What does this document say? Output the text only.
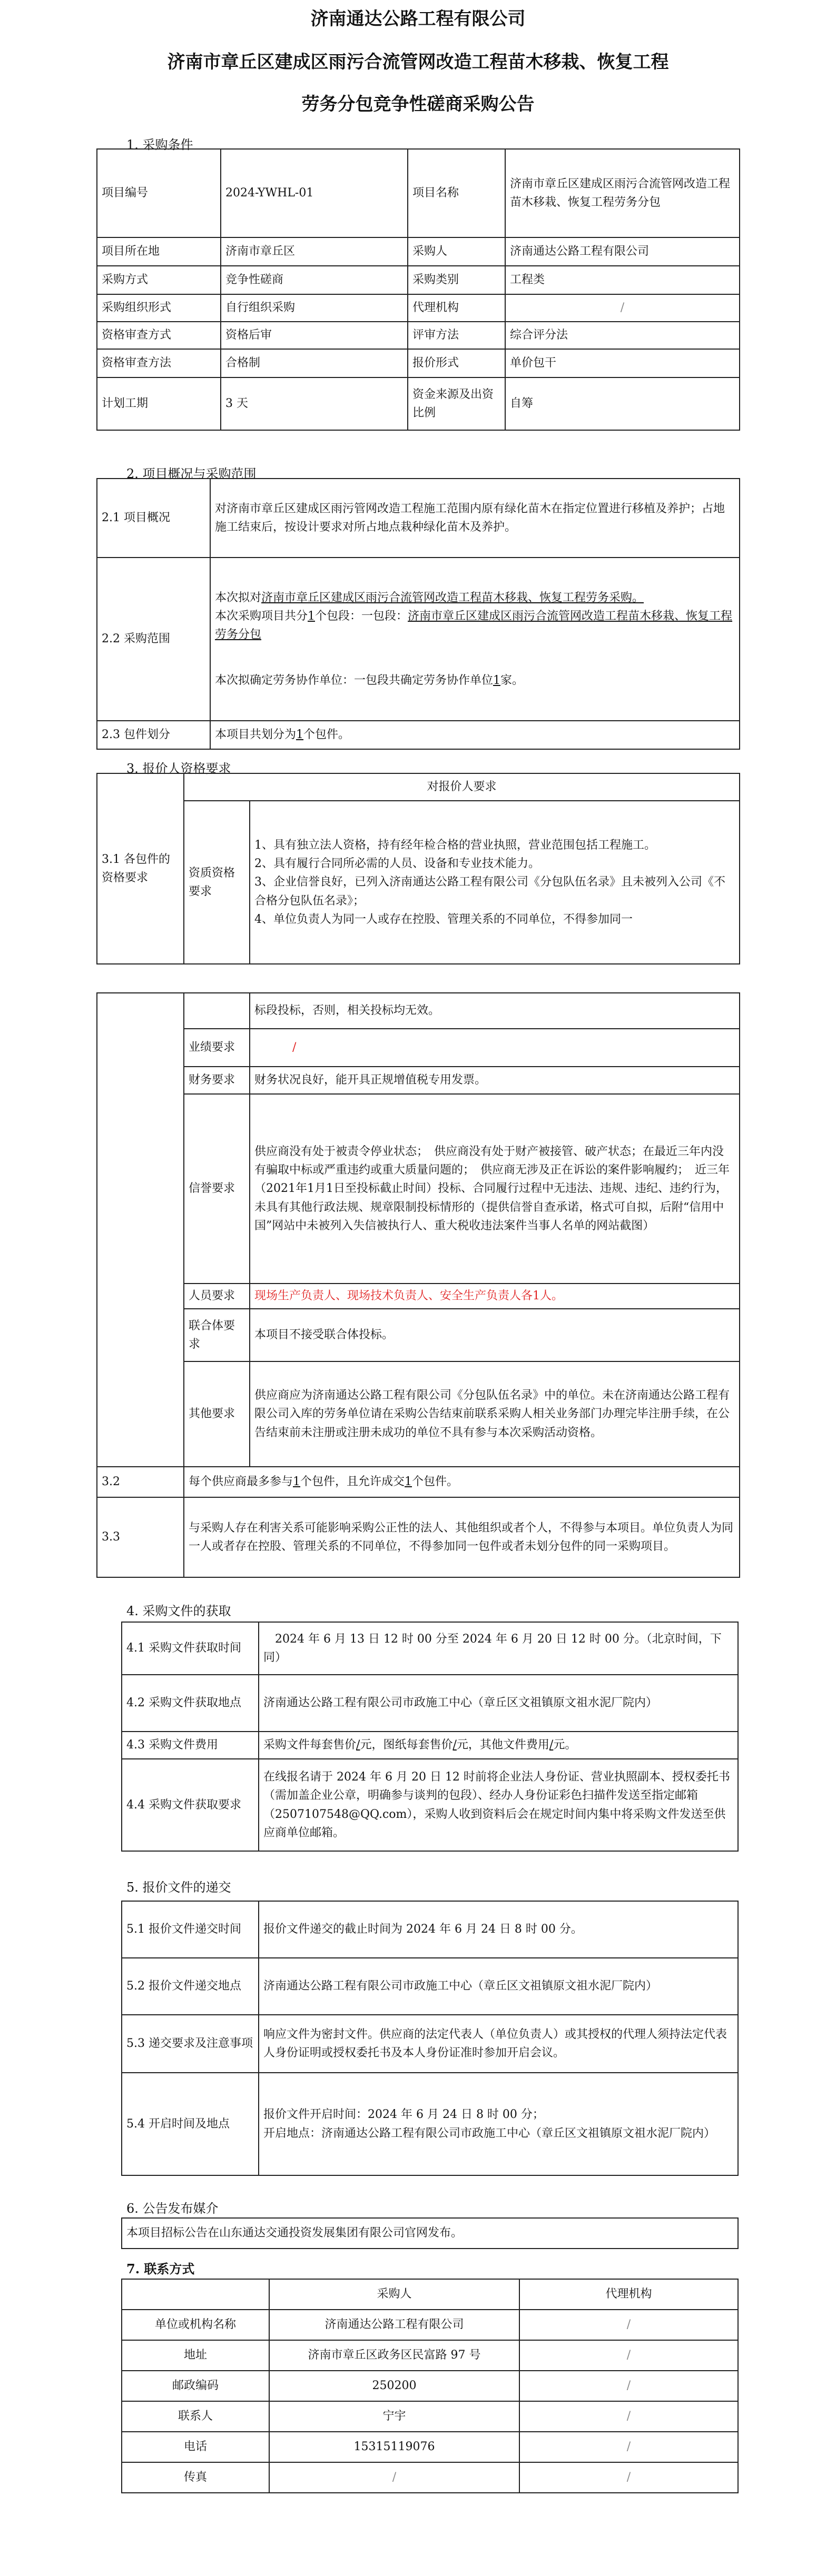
济南通达公路工程有限公司
济南市章丘区建成区雨污合流管网改造工程苗木移栽、恢复工程
劳务分包竞争性磋商采购公告
1. 采购条件
项目编号	2024-YWHL-01	项目名称	济南市章丘区建成区雨污合流管网改造工程苗木移栽、恢复工程劳务分包
项目所在地	济南市章丘区	采购人	济南通达公路工程有限公司
采购方式	竞争性磋商	采购类别	工程类
采购组织形式	自行组织采购	代理机构	/
资格审查方式	资格后审	评审方法	综合评分法
资格审查方法	合格制	报价形式	单价包干
计划工期	3 天	资金来源及出资比例	自筹
2. 项目概况与采购范围
2.1 项目概况	对济南市章丘区建成区雨污管网改造工程施工范围内原有绿化苗木在指定位置进行移植及养护；占地施工结束后，按设计要求对所占地点栽种绿化苗木及养护。
2.2 采购范围	本次拟对济南市章丘区建成区雨污合流管网改造工程苗木移栽、恢复工程劳务采购。
本次采购项目共分1个包段：一包段：济南市章丘区建成区雨污合流管网改造工程苗木移栽、恢复工程劳务分包
本次拟确定劳务协作单位：一包段共确定劳务协作单位1家。

2.3 包件划分	本项目共划分为1个包件。
3. 报价人资格要求
3.1 各包件的资格要求	对报价人要求	
	资质资格要求	1、具有独立法人资格，持有经年检合格的营业执照，营业范围包括工程施工。
2、具有履行合同所必需的人员、设备和专业技术能力。
3、企业信誉良好，已列入济南通达公路工程有限公司《分包队伍名录》且未被列入公司《不合格分包队伍名录》；
4、单位负责人为同一人或存在控股、管理关系的不同单位，不得参加同一
		标段投标，否则，相关投标均无效。
	业绩要求	/
	财务要求	财务状况良好，能开具正规增值税专用发票。
	信誉要求	供应商没有处于被责令停业状态；　供应商没有处于财产被接管、破产状态；在最近三年内没有骗取中标或严重违约或重大质量问题的；　供应商无涉及正在诉讼的案件影响履约；　近三年（2021年1月1日至投标截止时间）投标、合同履行过程中无违法、违规、违纪、违约行为，未具有其他行政法规、规章限制投标情形的（提供信誉自查承诺，格式可自拟，后附“信用中国”网站中未被列入失信被执行人、重大税收违法案件当事人名单的网站截图）
	人员要求	现场生产负责人、现场技术负责人、安全生产负责人各1人。
	联合体要求	本项目不接受联合体投标。
	其他要求	供应商应为济南通达公路工程有限公司《分包队伍名录》中的单位。未在济南通达公路工程有限公司入库的劳务单位请在采购公告结束前联系采购人相关业务部门办理完毕注册手续，在公告结束前未注册或注册未成功的单位不具有参与本次采购活动资格。
3.2	每个供应商最多参与1个包件，且允许成交1个包件。	
3.3	与采购人存在利害关系可能影响采购公正性的法人、其他组织或者个人，不得参与本项目。单位负责人为同一人或者存在控股、管理关系的不同单位，不得参加同一包件或者未划分包件的同一采购项目。	
4. 采购文件的获取
4.1 采购文件获取时间	　2024 年 6 月 13 日 12 时 00 分至 2024 年 6 月 20 日 12 时 00 分。（北京时间，下同）
4.2 采购文件获取地点	济南通达公路工程有限公司市政施工中心（章丘区文祖镇原文祖水泥厂院内）
4.3 采购文件费用	采购文件每套售价/元，图纸每套售价/元，其他文件费用/元。
4.4 采购文件获取要求	在线报名请于 2024 年 6 月 20 日 12 时前将企业法人身份证、营业执照副本、授权委托书（需加盖企业公章，明确参与谈判的包段）、经办人身份证彩色扫描件发送至指定邮箱（2507107548@QQ.com），采购人收到资料后会在规定时间内集中将采购文件发送至供应商单位邮箱。
5. 报价文件的递交
5.1 报价文件递交时间	报价文件递交的截止时间为 2024 年 6 月 24 日 8 时 00 分。
5.2 报价文件递交地点	济南通达公路工程有限公司市政施工中心（章丘区文祖镇原文祖水泥厂院内）
5.3 递交要求及注意事项	响应文件为密封文件。供应商的法定代表人（单位负责人）或其授权的代理人须持法定代表人身份证明或授权委托书及本人身份证准时参加开启会议。
5.4 开启时间及地点	报价文件开启时间：2024 年 6 月 24 日 8 时 00 分；
开启地点：济南通达公路工程有限公司市政施工中心（章丘区文祖镇原文祖水泥厂院内）
6. 公告发布媒介
本项目招标公告在山东通达交通投资发展集团有限公司官网发布。
7. 联系方式
	采购人	代理机构
单位或机构名称	济南通达公路工程有限公司	/
地址	济南市章丘区政务区民富路 97 号	/
邮政编码	250200	/
联系人	宁宇	/
电话	15315119076	/
传真	/	/
